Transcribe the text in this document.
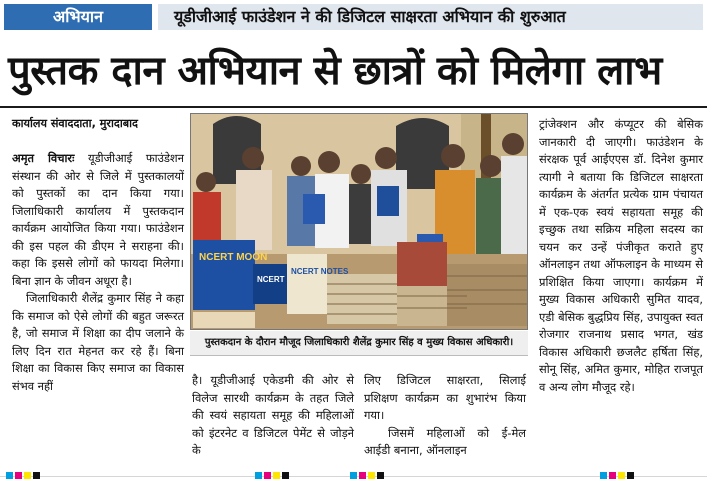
अभियान	यूडीजीआई फाउंडेशन ने की डिजिटल साक्षरता अभियान की शुरुआत
पुस्तक दान अभियान से छात्रों को मिलेगा लाभ
कार्यालय संवाददाता, मुरादाबाद
NCERT MOON
NCERT NOTES
NCERT
पुस्तकदान के दौरान मौजूद जिलाधिकारी शैलेंद्र कुमार सिंह व मुख्य विकास अधिकारी।

अमृत विचारः यूडीजीआई फाउंडेशन संस्थान की ओर से जिले में पुस्तकालयों को पुस्तकों का दान किया गया। जिलाधिकारी कार्यालय में पुस्तकदान कार्यक्रम आयोजित किया गया। फाउंडेशन की इस पहल की डीएम ने सराहना की। कहा कि इससे लोगों को फायदा मिलेगा। बिना ज्ञान के जीवन अधूरा है।

जिलाधिकारी शैलेंद्र कुमार सिंह ने कहा कि समाज को ऐसे लोगों की बहुत जरूरत है, जो समाज में शिक्षा का दीप जलाने के लिए दिन रात मेहनत कर रहे हैं। बिना शिक्षा का विकास किए समाज का विकास संभव नहीं	है। यूडीजीआई एकेडमी की ओर से विलेज सारथी कार्यक्रम के तहत जिले की स्वयं सहायता समूह की महिलाओं को इंटरनेट व डिजिटल पेमेंट से जोड़ने के

लिए डिजिटल साक्षरता, सिलाई प्रशिक्षण कार्यक्रम का शुभारंभ किया गया।

जिसमें महिलाओं को ई-मेल आईडी बनाना, ऑनलाइन

ट्रांजेक्शन और कंप्यूटर की बेसिक जानकारी दी जाएगी। फाउंडेशन के संरक्षक पूर्व आईएएस डॉ. दिनेश कुमार त्यागी ने बताया कि डिजिटल साक्षरता कार्यक्रम के अंतर्गत प्रत्येक ग्राम पंचायत में एक-एक स्वयं सहायता समूह की इच्छुक तथा सक्रिय महिला सदस्य का चयन कर उन्हें पंजीकृत कराते हुए ऑनलाइन तथा ऑफलाइन के माध्यम से प्रशिक्षित किया जाएगा। कार्यक्रम में मुख्य विकास अधिकारी सुमित यादव, एडी बेसिक बुद्धप्रिय सिंह, उपायुक्त स्वत रोजगार राजनाथ प्रसाद भगत, खंड विकास अधिकारी छजलैट हर्षिता सिंह, सोनू सिंह, अमित कुमार, मोहित राजपूत व अन्य लोग मौजूद रहे।
